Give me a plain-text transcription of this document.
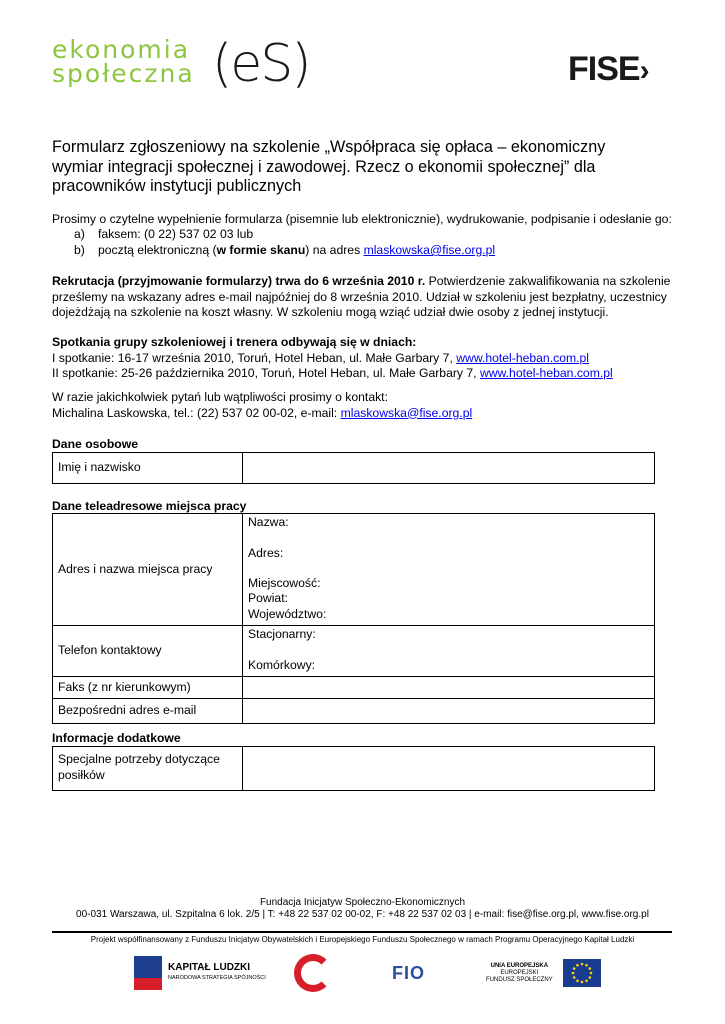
ekonomia
społeczna (eS)	FISE›
Formularz zgłoszeniowy na szkolenie „Współpraca się opłaca – ekonomiczny wymiar integracji społecznej i zawodowej. Rzecz o ekonomii społecznej” dla pracowników instytucji publicznych
Prosimy o czytelne wypełnienie formularza (pisemnie lub elektronicznie), wydrukowanie, podpisanie i odesłanie go:
a) faksem: (0 22) 537 02 03 lub
b) pocztą elektroniczną (w formie skanu) na adres mlaskowska@fise.org.pl
Rekrutacja (przyjmowanie formularzy) trwa do 6 września 2010 r. Potwierdzenie zakwalifikowania na szkolenie
prześlemy na wskazany adres e-mail najpóźniej do 8 września 2010. Udział w szkoleniu jest bezpłatny, uczestnicy
dojeżdżają na szkolenie na koszt własny. W szkoleniu mogą wziąć udział dwie osoby z jednej instytucji.
Spotkania grupy szkoleniowej i trenera odbywają się w dniach:
I spotkanie: 16-17 września 2010, Toruń, Hotel Heban, ul. Małe Garbary 7, www.hotel-heban.com.pl
II spotkanie: 25-26 października 2010, Toruń, Hotel Heban, ul. Małe Garbary 7, www.hotel-heban.com.pl
W razie jakichkolwiek pytań lub wątpliwości prosimy o kontakt:
Michalina Laskowska, tel.: (22) 537 02 00-02, e-mail: mlaskowska@fise.org.pl
Dane osobowe
Imię i nazwisko	
Dane teleadresowe miejsca pracy
Adres i nazwa miejsca pracy	Nazwa:

Adres:

Miejscowość:
Powiat:
Województwo:

Telefon kontaktowy	Stacjonarny:

Komórkowy:

Faks (z nr kierunkowym)	
Bezpośredni adres e-mail	
Informacje dodatkowe
Specjalne potrzeby dotyczące posiłków	
Fundacja Inicjatyw Społeczno-Ekonomicznych
00-031 Warszawa, ul. Szpitalna 6 lok. 2/5 | T: +48 22 537 02 00-02, F: +48 22 537 02 03 | e-mail: fise@fise.org.pl, www.fise.org.pl
Projekt współfinansowany z Funduszu Inicjatyw Obywatelskich i Europejskiego Funduszu Społecznego w ramach Programu Operacyjnego Kapitał Ludzki
KAPITAŁ LUDZKI
NARODOWA STRATEGIA SPÓJNOŚCI	FIO	UNIA EUROPEJSKA
EUROPEJSKI
FUNDUSZ SPOŁECZNY
